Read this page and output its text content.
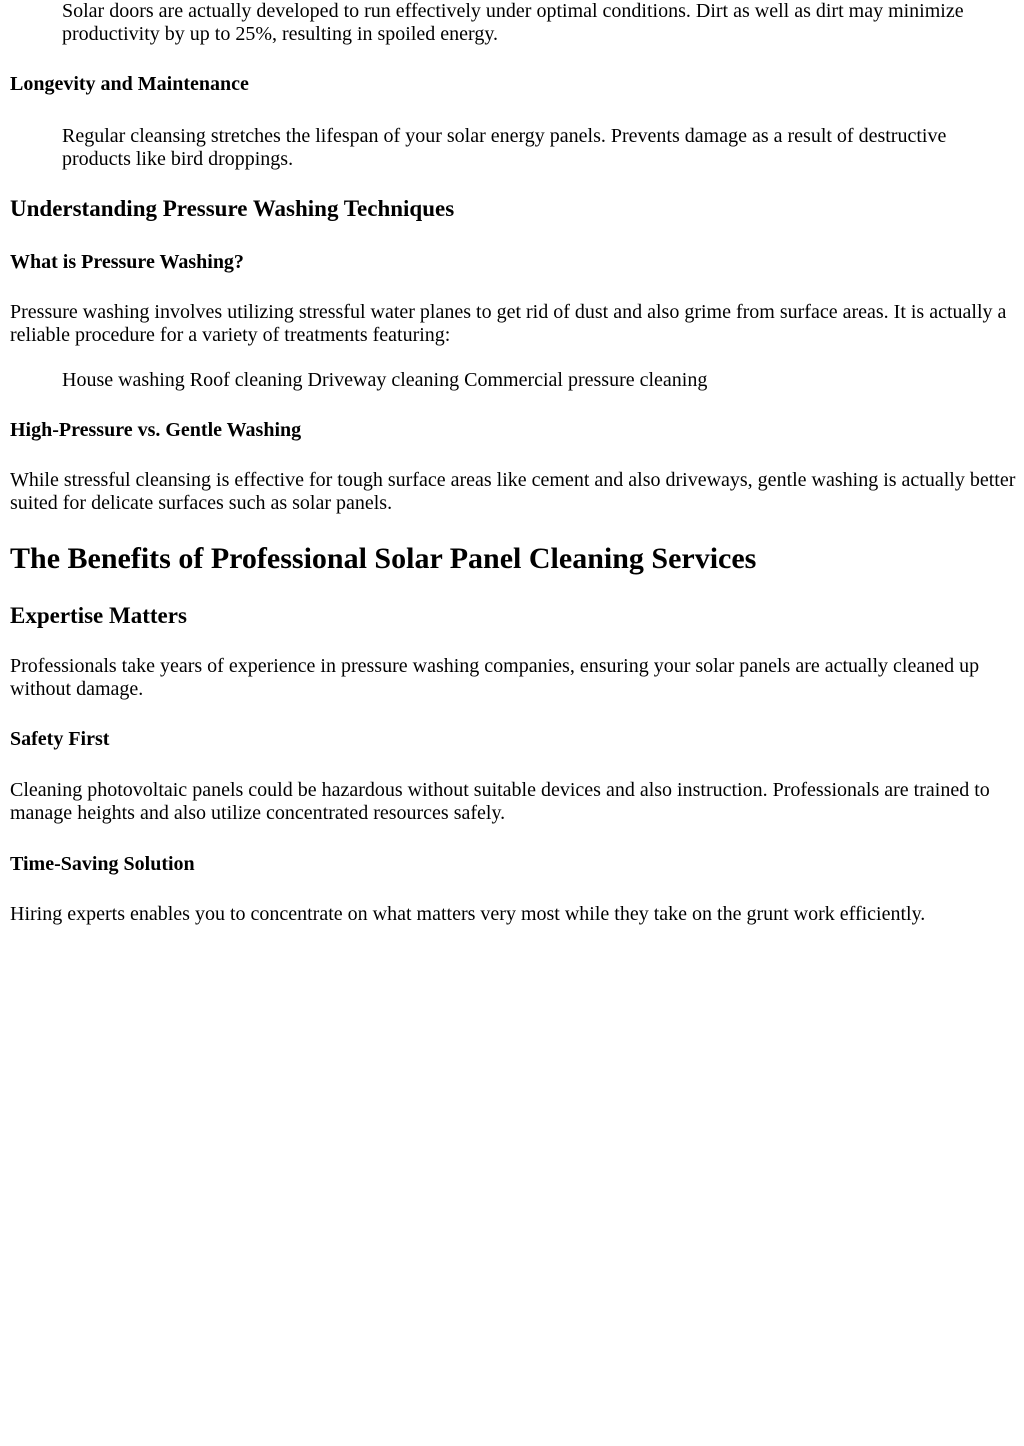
Solar doors are actually developed to run effectively under optimal conditions. Dirt as well as dirt may minimize productivity by up to 25%, resulting in spoiled energy.

Longevity and Maintenance

Regular cleansing stretches the lifespan of your solar energy panels. Prevents damage as a result of destructive products like bird droppings.

Understanding Pressure Washing Techniques
What is Pressure Washing?

Pressure washing involves utilizing stressful water planes to get rid of dust and also grime from surface areas. It is actually a reliable procedure for a variety of treatments featuring:

House washing Roof cleaning Driveway cleaning Commercial pressure cleaning

High-Pressure vs. Gentle Washing

While stressful cleansing is effective for tough surface areas like cement and also driveways, gentle washing is actually better suited for delicate surfaces such as solar panels.

The Benefits of Professional Solar Panel Cleaning Services
Expertise Matters

Professionals take years of experience in pressure washing companies, ensuring your solar panels are actually cleaned up without damage.

Safety First

Cleaning photovoltaic panels could be hazardous without suitable devices and also instruction. Professionals are trained to manage heights and also utilize concentrated resources safely.

Time-Saving Solution

Hiring experts enables you to concentrate on what matters very most while they take on the grunt work efficiently.
